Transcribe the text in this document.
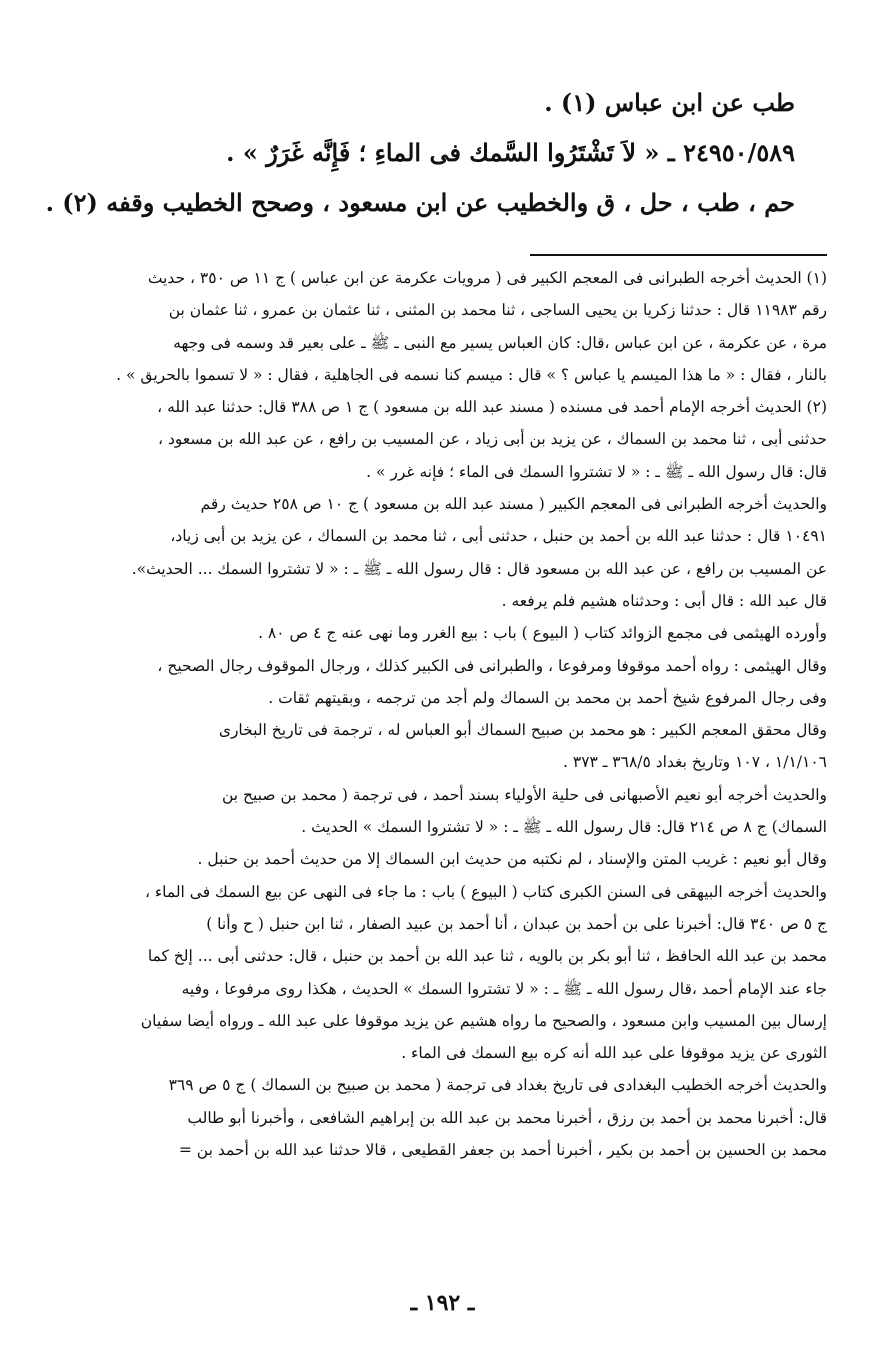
طب عن ابن عباس (١) .
٢٤٩٥٠/٥٨٩ ـ « لاَ تَشْتَرُوا السَّمك فى الماءِ ؛ فَإِنَّه غَرَرٌ » .
حم ، طب ، حل ، ق والخطيب عن ابن مسعود ، وصحح الخطيب وقفه (٢) .
(١) الحديث أخرجه الطبرانى فى المعجم الكبير فى ( مرويات عكرمة عن ابن عباس ) ج ١١ ص ٣٥٠ ، حديث
رقم ١١٩٨٣ قال : حدثنا زكريا بن يحيى الساجى ، ثنا محمد بن المثنى ، ثنا عثمان بن عمرو ، ثنا عثمان بن
مرة ، عن عكرمة ، عن ابن عباس ،قال: كان العباس يسير مع النبى ـ ﷺ ـ على بعير قد وسمه فى وجهه
بالنار ، فقال : « ما هذا الميسم يا عباس ؟ » قال : ميسم كنا نسمه فى الجاهلية ، فقال : « لا تسموا بالحريق » .
(٢) الحديث أخرجه الإمام أحمد فى مسنده ( مسند عبد الله بن مسعود ) ج ١ ص ٣٨٨ قال: حدثنا عبد الله ،
حدثنى أبى ، ثنا محمد بن السماك ، عن يزيد بن أبى زياد ، عن المسيب بن رافع ، عن عبد الله بن مسعود ،
قال: قال رسول الله ـ ﷺ ـ : « لا تشتروا السمك فى الماء ؛ فإنه غرر » .
والحديث أخرجه الطبرانى فى المعجم الكبير ( مسند عبد الله بن مسعود ) ج ١٠ ص ٢٥٨ حديث رقم
١٠٤٩١ قال : حدثنا عبد الله بن أحمد بن حنبل ، حدثنى أبى ، ثنا محمد بن السماك ، عن يزيد بن أبى زياد،
عن المسيب بن رافع ، عن عبد الله بن مسعود قال : قال رسول الله ـ ﷺ ـ : « لا تشتروا السمك ... الحديث».
قال عبد الله : قال أبى : وحدثناه هشيم فلم يرفعه .
وأورده الهيثمى فى مجمع الزوائد كتاب ( البيوع ) باب : بيع الغرر وما نهى عنه ج ٤ ص ٨٠ .
وقال الهيثمى : رواه أحمد موقوفا ومرفوعا ، والطبرانى فى الكبير كذلك ، ورجال الموقوف رجال الصحيح ،
وفى رجال المرفوع شيخ أحمد بن محمد بن السماك ولم أجد من ترجمه ، وبقيتهم ثقات .
وقال محقق المعجم الكبير : هو محمد بن صبيح السماك أبو العباس له ، ترجمة فى تاريخ البخارى
١/١/١٠٦ ، ١٠٧ وتاريخ بغداد ٣٦٨/٥ ـ ٣٧٣ .
والحديث أخرجه أبو نعيم الأصبهانى فى حلية الأولياء بسند أحمد ، فى ترجمة ( محمد بن صبيح بن
السماك) ج ٨ ص ٢١٤ قال: قال رسول الله ـ ﷺ ـ : « لا تشتروا السمك » الحديث .
وقال أبو نعيم : غريب المتن والإسناد ، لم نكتبه من حديث ابن السماك إلا من حديث أحمد بن حنبل .
والحديث أخرجه البيهقى فى السنن الكبرى كتاب ( البيوع ) باب : ما جاء فى النهى عن بيع السمك فى الماء ،
ج ٥ ص ٣٤٠ قال: أخبرنا على بن أحمد بن عبدان ، أنا أحمد بن عبيد الصفار ، ثنا ابن حنبل ( ح وأنا )
محمد بن عبد الله الحافظ ، ثنا أبو بكر بن بالويه ، ثنا عبد الله بن أحمد بن حنبل ، قال: حدثنى أبى ... إلخ كما
جاء عند الإمام أحمد ،قال رسول الله ـ ﷺ ـ : « لا تشتروا السمك » الحديث ، هكذا روى مرفوعا ، وفيه
إرسال بين المسيب وابن مسعود ، والصحيح ما رواه هشيم عن يزيد موقوفا على عبد الله ـ ورواه أيضا سفيان
الثورى عن يزيد موقوفا على عبد الله أنه كره بيع السمك فى الماء .
والحديث أخرجه الخطيب البغدادى فى تاريخ بغداد فى ترجمة ( محمد بن صبيح بن السماك ) ج ٥ ص ٣٦٩
قال: أخبرنا محمد بن أحمد بن رزق ، أخبرنا محمد بن عبد الله بن إبراهيم الشافعى ، وأخبرنا أبو طالب
محمد بن الحسين بن أحمد بن بكير ، أخبرنا أحمد بن جعفر القطيعى ، قالا حدثنا عبد الله بن أحمد بن =
ـ ١٩٢ ـ
